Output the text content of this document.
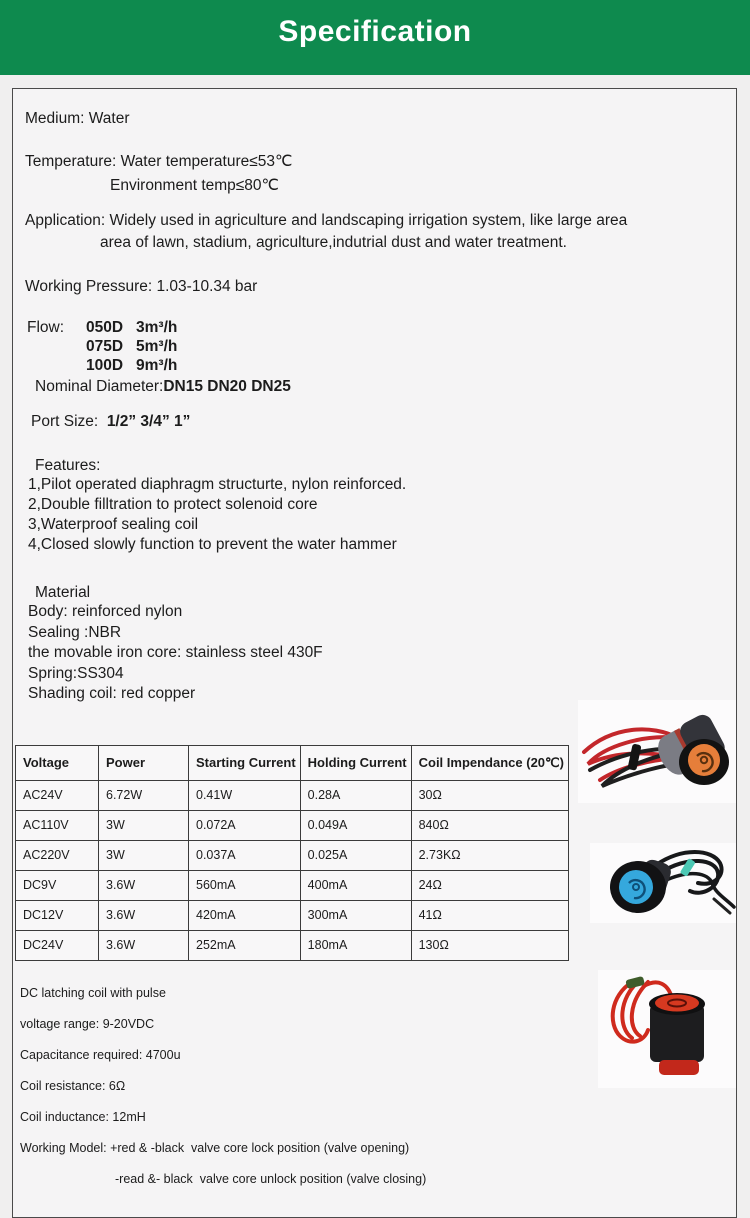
Specification
Medium: Water
Temperature: Water temperature≤53℃
Environment temp≤80℃
Application: Widely used in agriculture and landscaping irrigation system, like large area
area of lawn, stadium, agriculture,indutrial dust and water treatment.
Working Pressure: 1.03-10.34 bar
Flow: 050D   3m³/h
075D   5m³/h
100D   9m³/h
Nominal Diameter:DN15 DN20 DN25
Port Size:  1/2” 3/4” 1”
Features:
1,Pilot operated diaphragm structurte, nylon reinforced.
2,Double filltration to protect solenoid core
3,Waterproof sealing coil
4,Closed slowly function to prevent the water hammer
Material
Body: reinforced nylon
Sealing :NBR
the movable iron core: stainless steel 430F
Spring:SS304
Shading coil: red copper
Voltage	Power	Starting Current	Holding Current	Coil Impendance (20℃)
AC24V	6.72W	0.41W	0.28A	30Ω
AC110V	3W	0.072A	0.049A	840Ω
AC220V	3W	0.037A	0.025A	2.73KΩ
DC9V	3.6W	560mA	400mA	24Ω
DC12V	3.6W	420mA	300mA	41Ω
DC24V	3.6W	252mA	180mA	130Ω
DC latching coil with pulse
voltage range: 9-20VDC
Capacitance required: 4700u
Coil resistance: 6Ω
Coil inductance: 12mH
Working Model: +red & -black  valve core lock position (valve opening)
-read &- black  valve core unlock position (valve closing)
